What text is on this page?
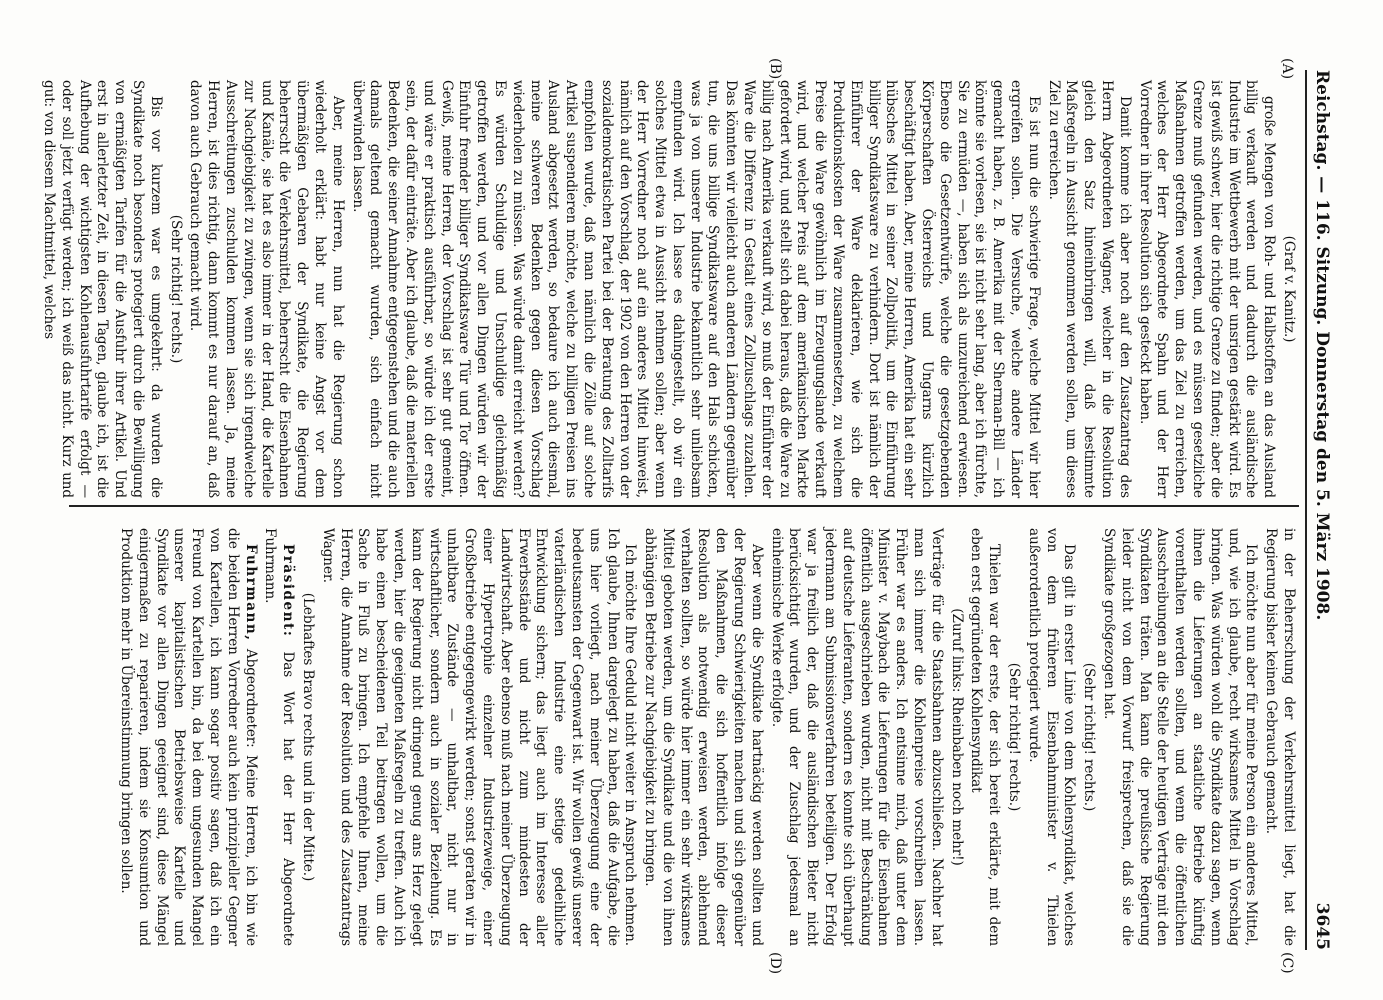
Reichstag. — 116. Sitzung. Donnerstag den 5. März 1908.
3645
(A)
(B)
(C)
(D)

(Graf v. Kanitz.)

große Mengen von Roh- und Halbstoffen an das Ausland billig verkauft werden und dadurch die ausländische Industrie im Wettbewerb mit der unsrigen gestärkt wird. Es ist gewiß schwer, hier die richtige Grenze zu finden; aber die Grenze muß gefunden werden, und es müssen gesetzliche Maßnahmen getroffen werden, um das Ziel zu erreichen, welches der Herr Abgeordnete Spahn und der Herr Vorredner in ihrer Resolution sich gesteckt haben.

Damit komme ich aber noch auf den Zusatzantrag des Herrn Abgeordneten Wagner, welcher in die Resolution gleich den Satz hineinbringen will, daß bestimmte Maßregeln in Aussicht genommen werden sollen, um dieses Ziel zu erreichen.

Es ist nun die schwierige Frage, welche Mittel wir hier ergreifen sollen. Die Versuche, welche andere Länder gemacht haben, z. B. Amerika mit der Sherman-Bill — ich könnte sie vorlesen, sie ist nicht sehr lang, aber ich fürchte, Sie zu ermüden —, haben sich als unzureichend erwiesen. Ebenso die Gesetzentwürfe, welche die gesetzgebenden Körperschaften Österreichs und Ungarns kürzlich beschäftigt haben. Aber, meine Herren, Amerika hat ein sehr hübsches Mittel in seiner Zollpolitik, um die Einführung billiger Syndikatsware zu verhindern. Dort ist nämlich der Einführer der Ware deklarieren, wie sich die Produktionskosten der Ware zusammensetzen, zu welchem Preise die Ware gewöhnlich im Erzeugungslande verkauft wird, und welcher Preis auf dem amerikanischen Markte gefordert wird, und stellt sich dabei heraus, daß die Ware zu billig nach Amerika verkauft wird, so muß der Einführer der Ware die Differenz in Gestalt eines Zollzuschlags zuzahlen. Das könnten wir vielleicht auch anderen Ländern gegenüber tun, die uns billige Syndikatsware auf den Hals schicken, was ja von unserer Industrie bekanntlich sehr unliebsam empfunden wird. Ich lasse es dahingestellt, ob wir ein solches Mittel etwa in Aussicht nehmen sollen; aber wenn der Herr Vorredner noch auf ein anderes Mittel hinweist, nämlich auf den Vorschlag, der 1902 von den Herren von der sozialdemokratischen Partei bei der Beratung des Zolltarifs empfohlen wurde, daß man nämlich die Zölle auf solche Artikel suspendieren möchte, welche zu billigen Preisen ins Ausland abgesetzt werden, so bedaure ich auch diesmal, meine schweren Bedenken gegen diesen Vorschlag wiederholen zu müssen. Was würde damit erreicht werden? Es würden Schuldige und Unschuldige gleichmäßig getroffen werden, und vor allen Dingen würden wir der Einfuhr fremder billiger Syndikatsware Tür und Tor öffnen. Gewiß, meine Herren, der Vorschlag ist sehr gut gemeint, und wäre er praktisch ausführbar, so würde ich der erste sein, der dafür einträte. Aber ich glaube, daß die materiellen Bedenken, die seiner Annahme entgegenstehen und die auch damals geltend gemacht wurden, sich einfach nicht überwinden lassen.

Aber, meine Herren, nun hat die Regierung schon wiederholt erklärt: habt nur keine Angst vor dem übermäßigen Gebaren der Syndikate, die Regierung beherrscht die Verkehrsmittel, beherrscht die Eisenbahnen und Kanäle, sie hat es also immer in der Hand, die Kartelle zur Nachgiebigkeit zu zwingen, wenn sie sich irgendwelche Ausschreitungen zuschulden kommen lassen. Ja, meine Herren, ist dies richtig, dann kommt es nur darauf an, daß davon auch Gebrauch gemacht wird.

(Sehr richtig! rechts.)

Bis vor kurzem war es umgekehrt: da wurden die Syndikate noch besonders protegiert durch die Bewilligung von ermäßigten Tarifen für die Ausfuhr ihrer Artikel. Und erst in allerletzter Zeit, in diesen Tagen, glaube ich, ist die Aufhebung der wichtigsten Kohlenausfuhrtarife erfolgt — oder soll jetzt verfügt werden; ich weiß das nicht. Kurz und gut: von diesem Machtmittel, welches

in der Beherrschung der Verkehrsmittel liegt, hat die Regierung bisher keinen Gebrauch gemacht.

Ich möchte nun aber für meine Person ein anderes Mittel, und, wie ich glaube, recht wirksames Mittel in Vorschlag bringen. Was würden wohl die Syndikate dazu sagen, wenn ihnen die Lieferungen an staatliche Betriebe künftig vorenthalten werden sollten, und wenn die öffentlichen Ausschreibungen an die Stelle der heutigen Verträge mit den Syndikaten träten. Man kann die preußische Regierung leider nicht von dem Vorwurf freisprechen, daß sie die Syndikate großgezogen hat.

(Sehr richtig! rechts.)

Das gilt in erster Linie von dem Kohlensyndikat, welches von dem früheren Eisenbahnminister v. Thielen außerordentlich protegiert wurde.

(Sehr richtig! rechts.)

Thielen war der erste, der sich bereit erklärte, mit dem eben erst gegründeten Kohlensyndikat

(Zuruf links: Rheinbaben noch mehr!)

Verträge für die Staatsbahnen abzuschließen. Nachher hat man sich immer die Kohlenpreise vorschreiben lassen. Früher war es anders. Ich entsinne mich, daß unter dem Minister v. Maybach die Lieferungen für die Eisenbahnen öffentlich ausgeschrieben wurden, nicht mit Beschränkung auf deutsche Lieferanten, sondern es konnte sich überhaupt jedermann am Submissionsverfahren beteiligen. Der Erfolg war ja freilich der, daß die ausländischen Bieter nicht berücksichtigt wurden, und der Zuschlag jedesmal an einheimische Werke erfolgte.

Aber wenn die Syndikate hartnäckig werden sollten und der Regierung Schwierigkeiten machen und sich gegenüber den Maßnahmen, die sich hoffentlich infolge dieser Resolution als notwendig erweisen werden, ablehnend verhalten sollten, so würde hier immer ein sehr wirksames Mittel geboten werden, um die Syndikate und die von ihnen abhängigen Betriebe zur Nachgiebigkeit zu bringen.

Ich möchte Ihre Geduld nicht weiter in Anspruch nehmen. Ich glaube, Ihnen dargelegt zu haben, daß die Aufgabe, die uns hier vorliegt, nach meiner Überzeugung eine der bedeutsamsten der Gegenwart ist. Wir wollen gewiß unserer vaterländischen Industrie eine stetige gedeihliche Entwicklung sichern; das liegt auch im Interesse aller Erwerbsstände und nicht zum mindesten der Landwirtschaft. Aber ebenso muß nach meiner Überzeugung einer Hypertrophie einzelner Industriezweige, einer Großbetriebe entgegengewirkt werden; sonst geraten wir in unhaltbare Zustände — unhaltbar, nicht nur in wirtschaftlicher, sondern auch in sozialer Beziehung. Es kann der Regierung nicht dringend genug ans Herz gelegt werden, hier die geeigneten Maßregeln zu treffen. Auch ich habe einen bescheidenen Teil beitragen wollen, um die Sache in Fluß zu bringen. Ich empfehle Ihnen, meine Herren, die Annahme der Resolution und des Zusatzantrags Wagner.

(Lebhaftes Bravo rechts und in der Mitte.)

Präsident: Das Wort hat der Herr Abgeordnete Fuhrmann.

Fuhrmann, Abgeordneter: Meine Herren, ich bin wie die beiden Herren Vorredner auch kein prinzipieller Gegner von Kartellen, ich kann sogar positiv sagen, daß ich ein Freund von Kartellen bin, da bei dem ungesunden Mangel unserer kapitalistischen Betriebsweise Kartelle und Syndikate vor allen Dingen geeignet sind, diese Mängel einigermaßen zu reparieren, indem sie Konsumtion und Produktion mehr in Übereinstimmung bringen sollen.
